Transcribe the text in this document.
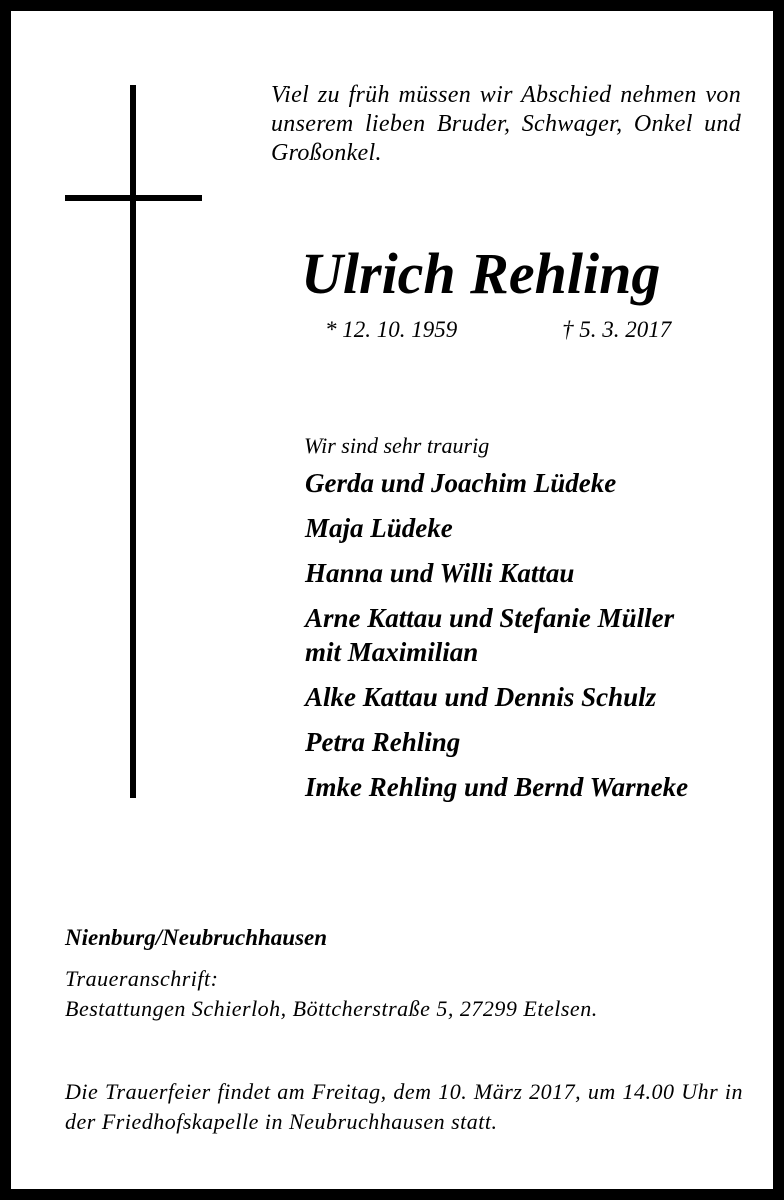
Viel zu früh müssen wir Abschied nehmen von unserem lieben Bruder, Schwager, Onkel und Großonkel.
Ulrich Rehling
* 12. 10. 1959	† 5. 3. 2017
Wir sind sehr traurig
Gerda und Joachim Lüdeke
Maja Lüdeke
Hanna und Willi Kattau
Arne Kattau und Stefanie Müller
mit Maximilian
Alke Kattau und Dennis Schulz
Petra Rehling
Imke Rehling und Bernd Warneke
Nienburg/Neubruchhausen
Traueranschrift:
Bestattungen Schierloh, Böttcherstraße 5, 27299 Etelsen.
Die Trauerfeier findet am Freitag, dem 10. März 2017, um 14.00 Uhr in der Friedhofskapelle in Neubruchhausen statt.
